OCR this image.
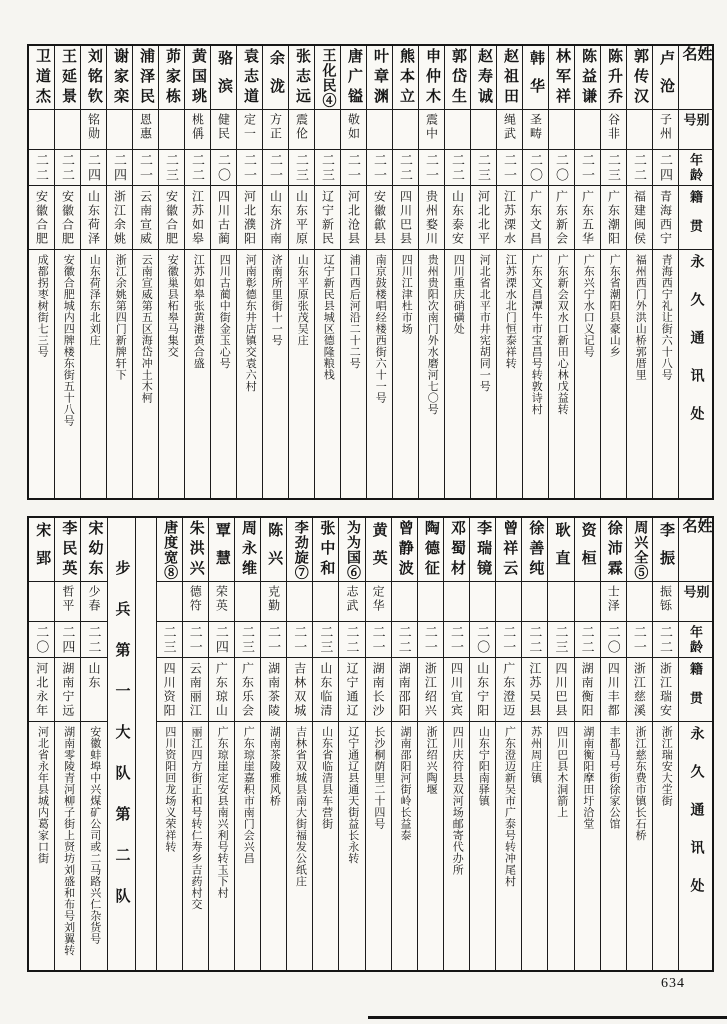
姓名
别号
年龄
籍贯
永久通讯处
卢沧
子州
二四
青海西宁
青海西宁礼让街六十八号
郭传汉
二二
福建闽侯
福州西门外洪山桥郭厝里
陈升乔
谷非
二三
广东潮阳
广东省潮阳县豪山乡
陈益谦
二一
广东五华
广东兴宁水口义记号
林军祥
二〇
广东新会
广东新会双水口新田心林戊益转
韩华
圣畴
二〇
广东文昌
广东文昌潭牛市宝昌号转敦诗村
赵祖田
绳武
二一
江苏溧水
江苏溧水北门恒泰祥转
赵寿诚
二三
河北北平
河北省北平市井宪胡同一号
郭岱生
二二
山东泰安
四川重庆硝磺处
申仲木
震中
二一
贵州婺川
贵州贵阳次南门外水磨河七〇号
熊本立
二二
四川巴县
四川江津杜市场
叶章渊
二一
安徽歙县
南京鼓楼唱经楼西街六十一号
唐广镒
敬如
二一
河北沧县
浦口西后河沿二十二号
王化民④
二三
辽宁新民
辽宁新民县城区德隆粮栈
张志远
震伦
二三
山东平原
山东平原张茂吴庄
余泷
方正
二一
山东济南
济南所里街十一号
袁志道
定一
二一
河北濮阳
河南彰德东井店镇交袁六村
骆滨
健民
二〇
四川古蔺
四川古蔺中街金玉心号
黄国珧
桃偁
二二
江苏如皋
江苏如皋张黄港黄合盛
茆家栋
二三
安徽合肥
安徽巢县柘皋马集交
浦泽民
恩惠
二一
云南宣威
云南宣威第五区海岱冲土木柯
谢家栾
二四
浙江余姚
浙江余姚第四门新牌轩下
刘铭钦
铭勋
二四
山东荷泽
山东荷泽东北刘庄
王延景
二二
安徽合肥
安徽合肥城内四牌楼东街五十八号
卫道杰
二二
安徽合肥
成都拐枣树街七三号
姓名
别号
年龄
籍贯
永久通讯处
李振
振铄
二二
浙江瑞安
浙江瑞安大坣街
周兴全⑤
二一
浙江慈溪
浙江慈东费市镇长石桥
徐沛霖
士泽
二〇
四川丰都
丰都马号街徐家公馆
资桓
二二
湖南衡阳
湖南衡阳摩田圩洽堂
耿直
二三
四川巴县
四川巴县木洞箭上
徐善纯
二二
江苏吴县
苏州周庄镇
曾祥云
二一
广东澄迈
广东澄迈新吴市广泰号转冲尾村
李瑞镜
二〇
山东宁阳
山东宁阳南驿镇
邓蜀材
二一
四川宜宾
四川庆符县双河场邮寄代办所
陶德征
二一
浙江绍兴
浙江绍兴陶堰
曾静波
二二
湖南邵阳
湖南邵阳河街岭长益泰
黄英
定华
二一
湖南长沙
长沙桐荫里二十四号
为为国⑥
志武
二二
辽宁通辽
辽宁通辽县通天街益长永转
张中和
二三
山东临清
山东省临清县车营街
李劲旋⑦
二一
吉林双城
吉林省双城县南大街福发公纸庄
陈兴
克勤
二一
湖南茶陵
湖南茶陵雅风桥
周永维
二三
广东乐会
广东琼崖嘉积市南门会兴昌
覃慧
荣英
二四
广东琼山
广东琼崖定安县南兴利号转玉下村
朱洪兴
德符
二一
云南丽江
丽江四方街正和号转仁寿乡吉药村交
唐度宽⑧
二三
四川资阳
四川资阳回龙场义荣祥转
步兵第一大队第二队
宋幼东
少春
二二
山东
安徽蚌埠中兴煤矿公司或二马路兴仁杂货号
李民英
哲平
二四
湖南宁远
湖南零陵青河柳子街上贤坊刘盛和布号刘翼转
宋郢
二〇
河北永年
河北省永年县城内葛家口街
634
